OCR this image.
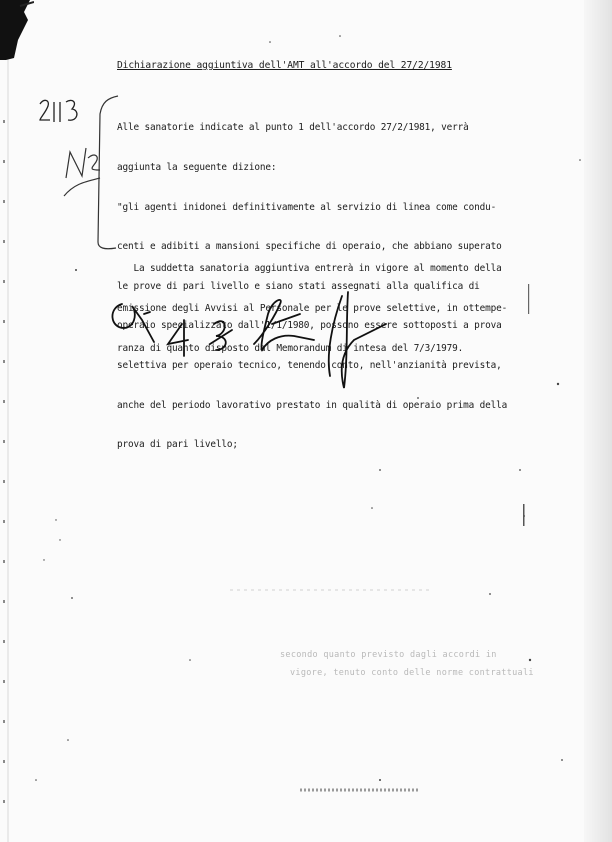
Dichiarazione aggiuntiva dell'AMT all'accordo del 27/2/1981

Alle sanatorie indicate al punto 1 dell'accordo 27/2/1981, verrà

aggiunta la seguente dizione:

"gli agenti inidonei definitivamente al servizio di linea come condu-

centi e adibiti a mansioni specifiche di operaio, che abbiano superato

le prove di pari livello e siano stati assegnati alla qualifica di

operaio specializzato dall'1/1/1980, possono essere sottoposti a prova

selettiva per operaio tecnico, tenendo conto, nell'anzianità prevista,

anche del periodo lavorativo prestato in qualità di operaio prima della

prova di pari livello;

La suddetta sanatoria aggiuntiva entrerà in vigore al momento della

emissione degli Avvisi al Personale per le prove selettive, in ottempe-

ranza di quanto disposto dal Memorandum di intesa del 7/3/1979.

secondo quanto previsto dagli accordi in
vigore, tenuto conto delle norme contrattuali
